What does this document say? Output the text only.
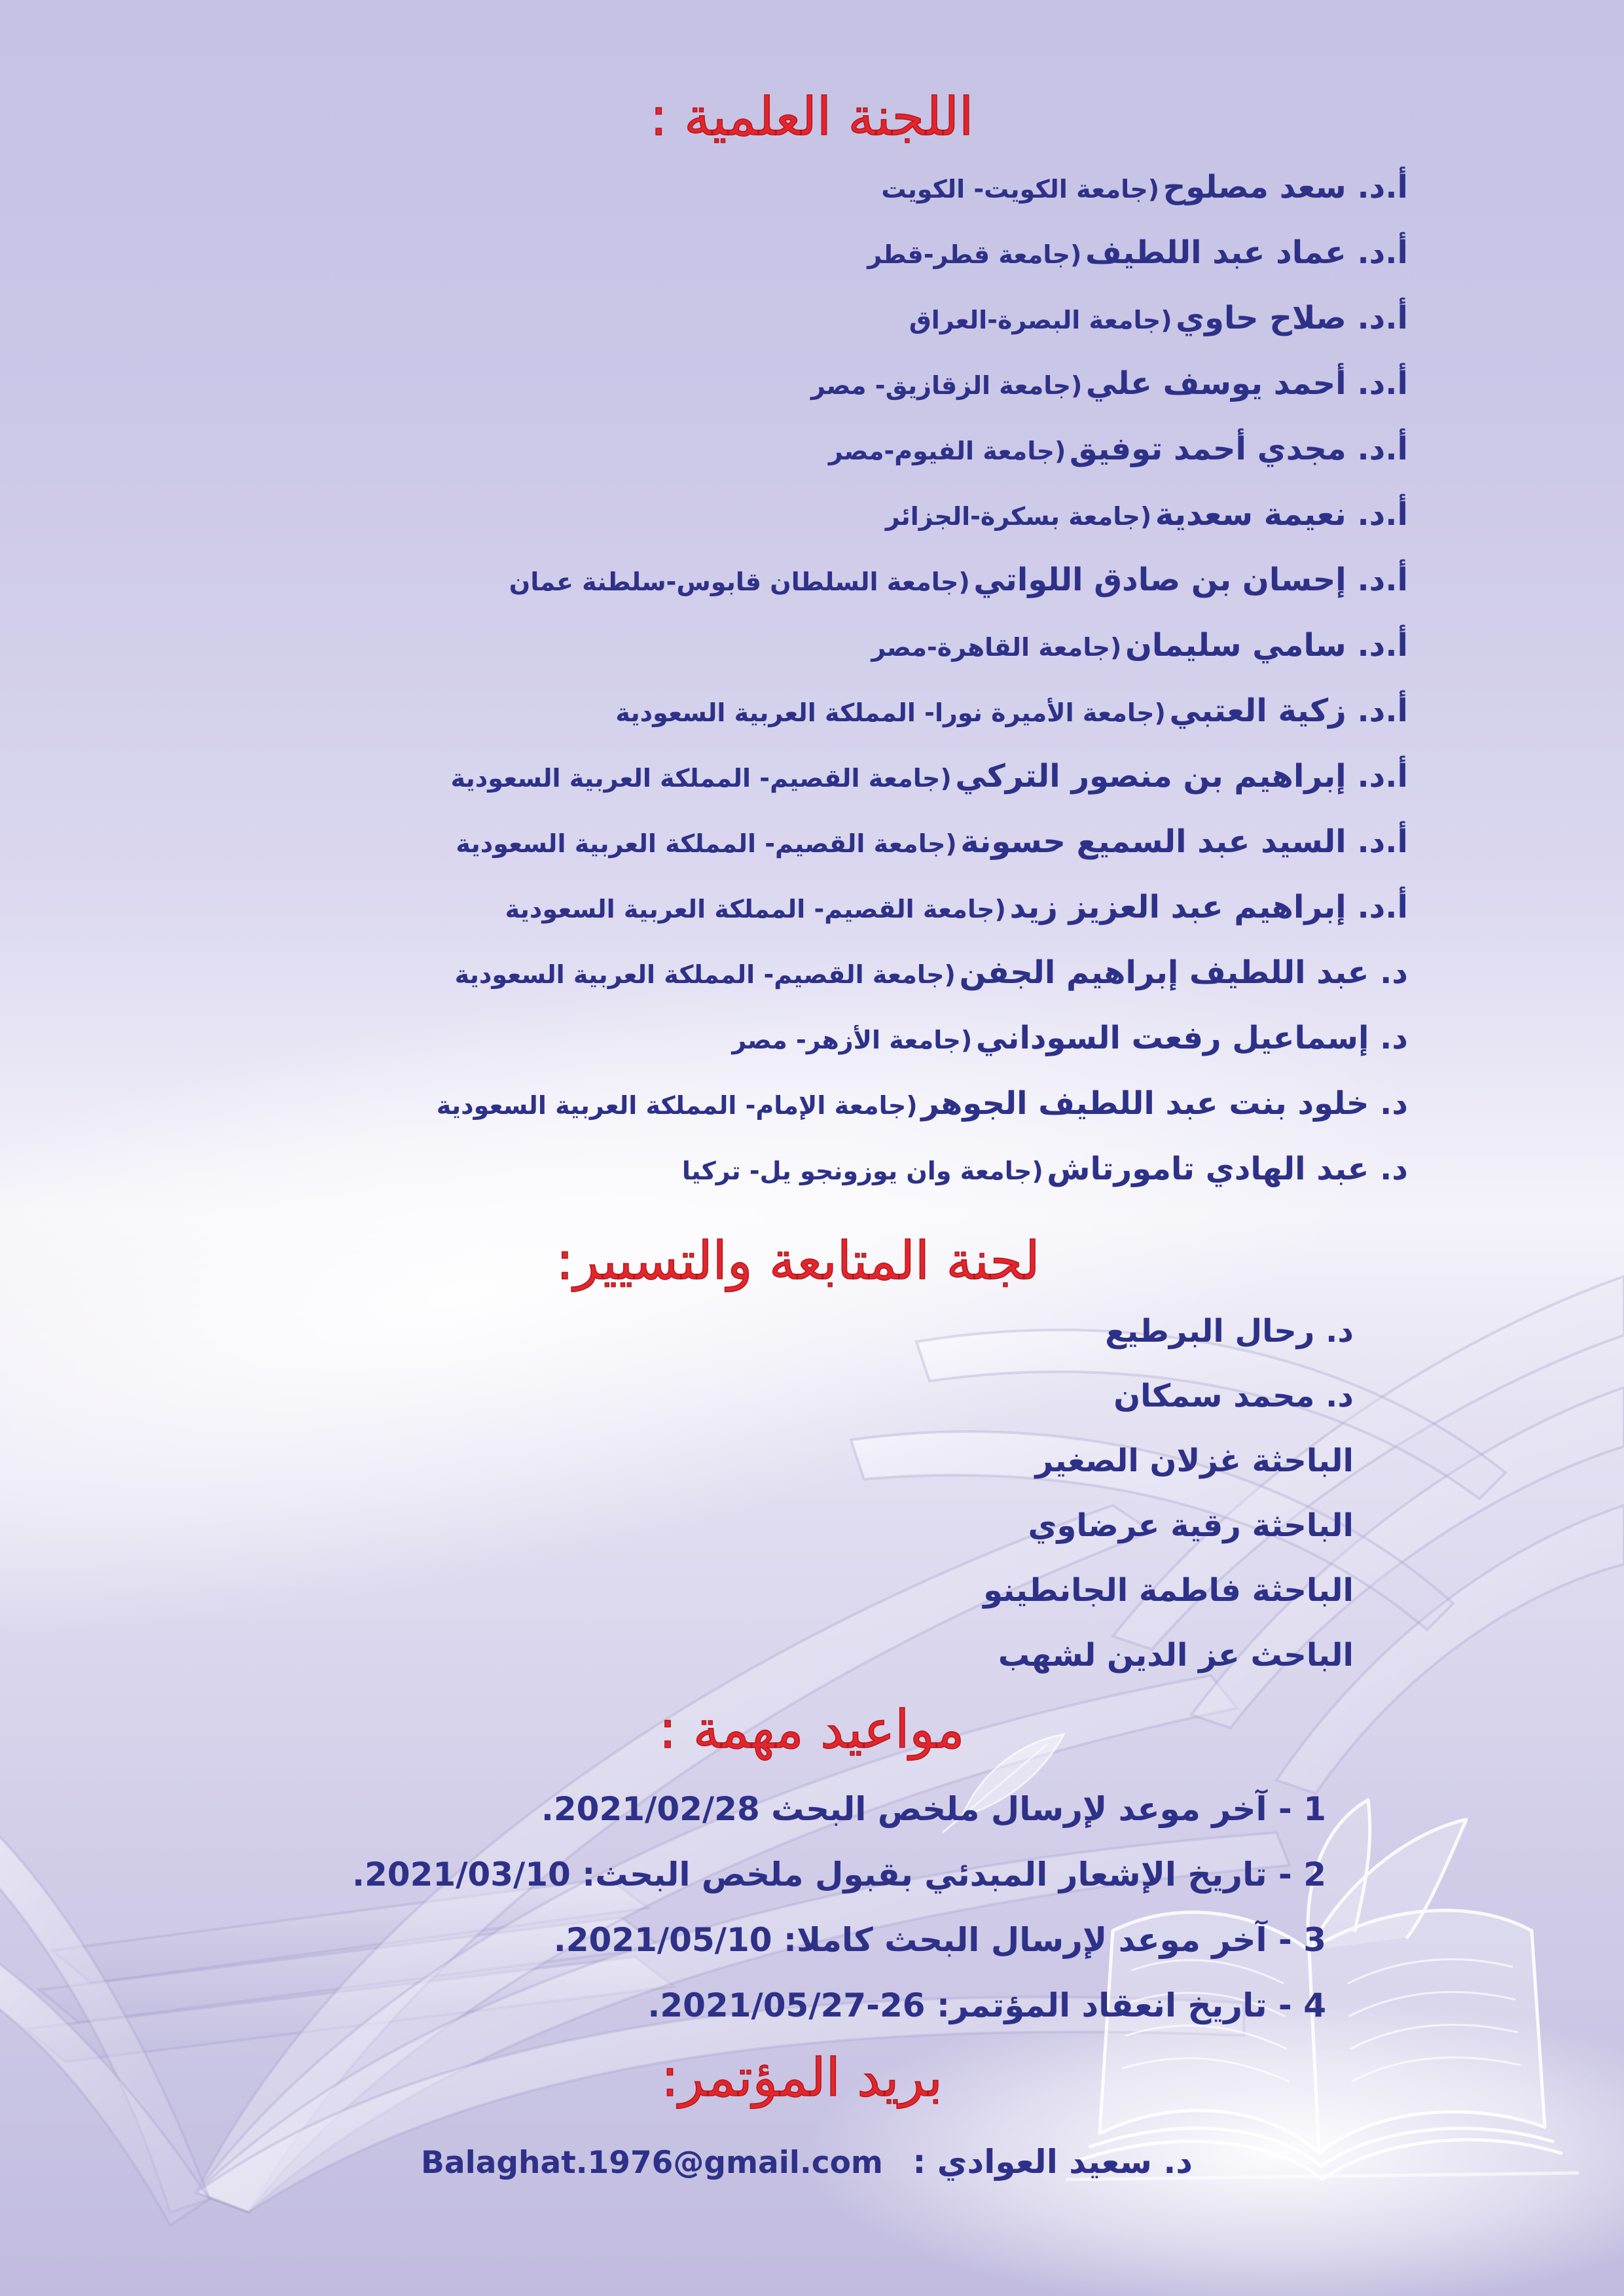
اللجنة العلمية :
أ.د. سعد مصلوح (جامعة الكويت- الكويت
أ.د. عماد عبد اللطيف (جامعة قطر-قطر
أ.د. صلاح حاوي (جامعة البصرة-العراق
أ.د. أحمد يوسف علي (جامعة الزقازيق- مصر
أ.د. مجدي أحمد توفيق (جامعة الفيوم-مصر
أ.د. نعيمة سعدية (جامعة بسكرة-الجزائر
أ.د. إحسان بن صادق اللواتي (جامعة السلطان قابوس-سلطنة عمان
أ.د. سامي سليمان (جامعة القاهرة-مصر
أ.د. زكية العتبي (جامعة الأميرة نورا- المملكة العربية السعودية
أ.د. إبراهيم بن منصور التركي (جامعة القصيم- المملكة العربية السعودية
أ.د. السيد عبد السميع حسونة (جامعة القصيم- المملكة العربية السعودية
أ.د. إبراهيم عبد العزيز زيد (جامعة القصيم- المملكة العربية السعودية
د. عبد اللطيف إبراهيم الجفن (جامعة القصيم- المملكة العربية السعودية
د. إسماعيل رفعت السوداني (جامعة الأزهر- مصر
د. خلود بنت عبد اللطيف الجوهر (جامعة الإمام- المملكة العربية السعودية
د. عبد الهادي تامورتاش (جامعة وان يوزونجو يل- تركيا
لجنة المتابعة والتسيير:
د. رحال البرطيع
د. محمد سمكان
الباحثة غزلان الصغير
الباحثة رقية عرضاوي
الباحثة فاطمة الجانطينو
الباحث عز الدين لشهب
مواعيد مهمة :
1 - آخر موعد لإرسال ملخص البحث 2021/02/28.
2 - تاريخ الإشعار المبدئي بقبول ملخص البحث: 2021/03/10.
3 - آخر موعد لإرسال البحث كاملا: 2021/05/10.
4 - تاريخ انعقاد المؤتمر: 26-2021/05/27.
بريد المؤتمر:
د. سعيد العوادي : Balaghat.1976@gmail.com
